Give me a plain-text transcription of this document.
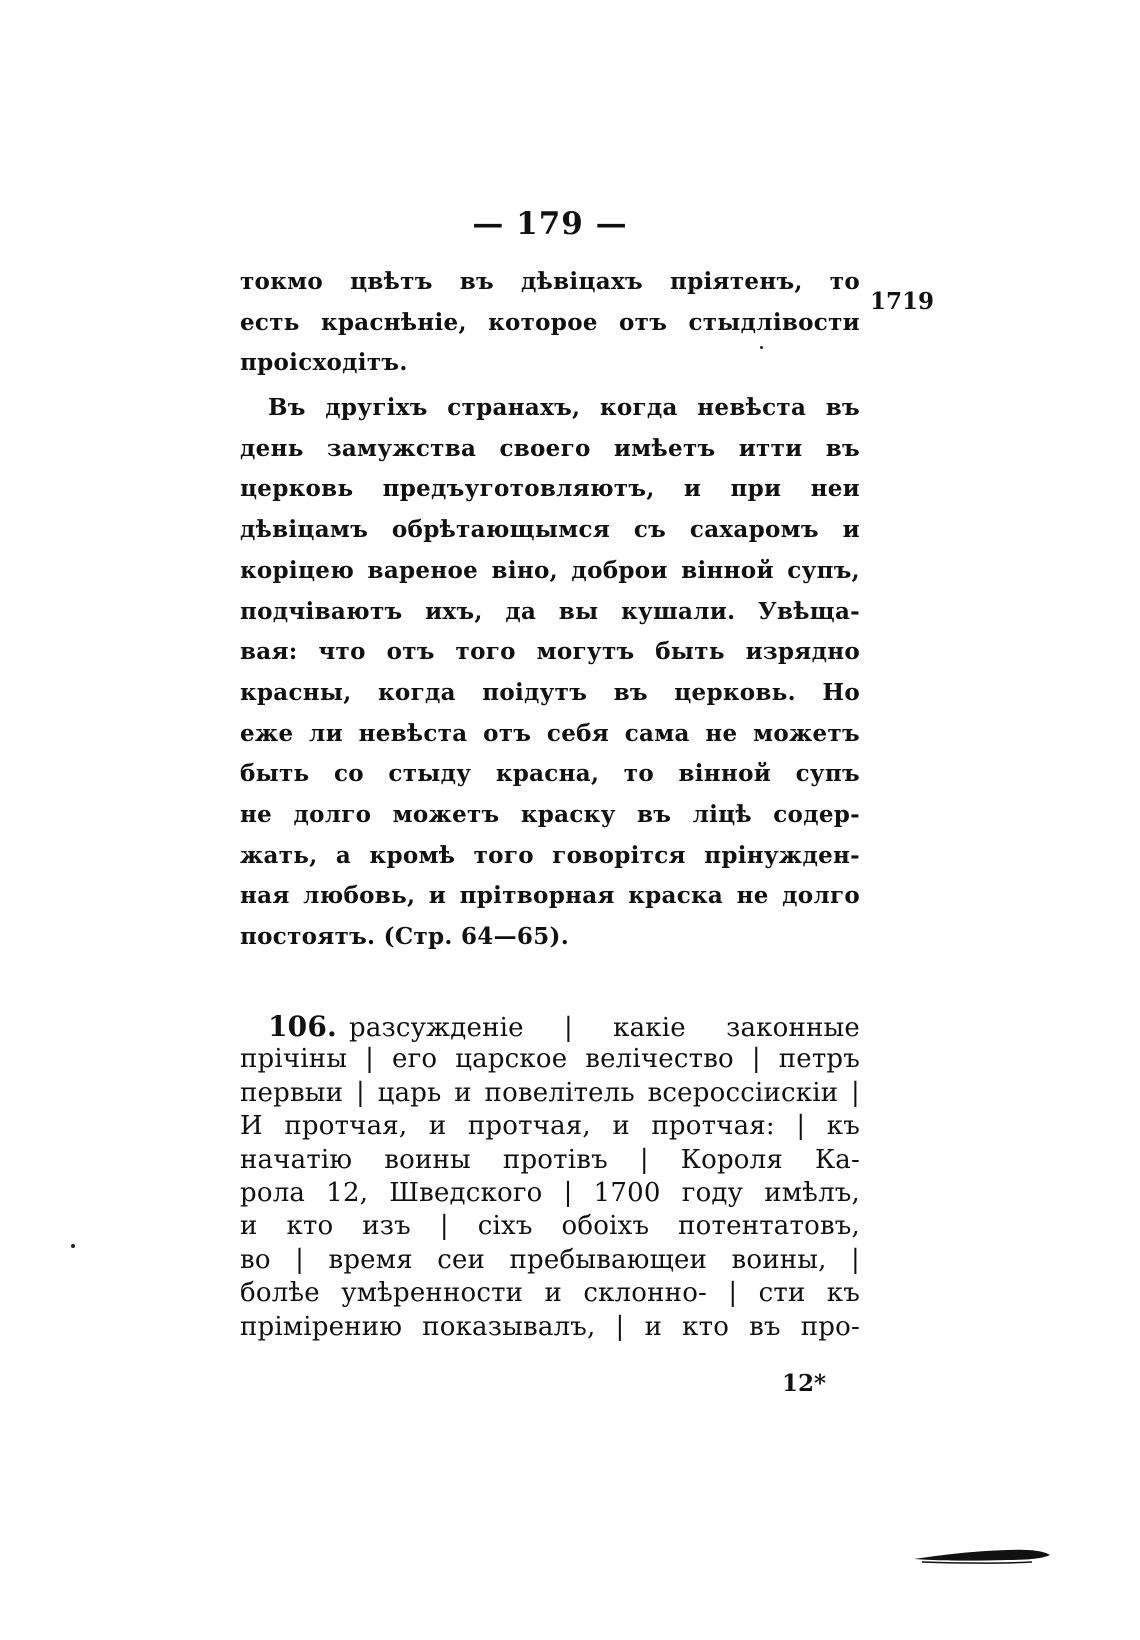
— 179 —
1719
токмо цвѣтъ въ дѣвіцахъ пріятенъ, то
есть краснѣніе, которое отъ стыдлівости
проісходітъ.
Въ другіхъ странахъ, когда невѣста въ
день замужства своего имѣетъ итти въ
церковь предъуготовляютъ, и при неи
дѣвіцамъ обрѣтающымся съ сахаромъ и
коріцею вареное віно, доброи вінной супъ,
подчіваютъ ихъ, да вы кушали. Увѣща-
вая: что отъ того могутъ быть изрядно
красны, когда поідутъ въ церковь. Но
еже ли невѣста отъ себя сама не можетъ
быть со стыду красна, то вінной супъ
не долго можетъ краску въ ліцѣ содер-
жать, а кромѣ того говорітся прінужден-
ная любовь, и прітворная краска не долго
постоятъ. (Стр. 64—65).
106. разсужденіе | какіе законные
прічіны | его царское велічество | петръ
первыи | царь и повелітель всероссіискіи |
И протчая, и протчая, и протчая: | къ
начатію воины протівъ | Короля Ка-
рола 12, Шведского | 1700 году имѣлъ,
и кто изъ | сіхъ обоіхъ потентатовъ,
во | время сеи пребывающеи воины, |
болѣе умѣренности и склонно- | сти къ
прімірению показывалъ, | и кто въ про-
12*
